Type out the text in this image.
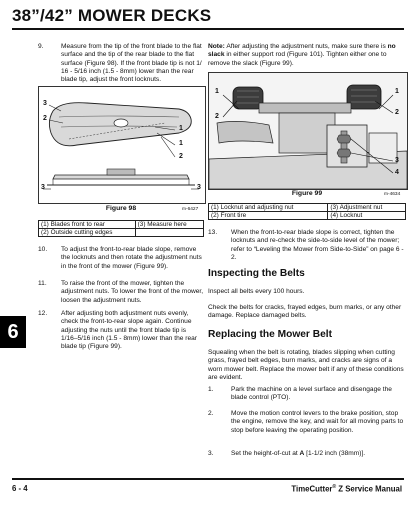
38”/42” MOWER DECKS
9.	Measure from the tip of the front blade to the flat surface and the tip of the rear blade to the flat surface (Figure 98). If the front blade tip is not 1/ 16 - 5/16 inch (1.5 - 8mm) lower than the rear blade tip, adjust the front locknuts.
3
2
1
1
2
3	3
Figure 98	m-6427
(1) Blades front to rear	(3) Measure here
(2) Outside cutting edges	
10.	To adjust the front-to-rear blade slope, remove the locknuts and then rotate the adjustment nuts in the front of the mower (Figure 99).
11.	To raise the front of the mower, tighten the adjustment nuts. To lower the front of the mower, loosen the adjustment nuts.
12.	After adjusting both adjustment nuts evenly, check the front-to-rear slope again. Continue adjusting the nuts until the front blade tip is 1/16–5/16 inch (1.5 - 8mm) lower than the rear blade tip (Figure 99).
6
Note: After adjusting the adjustment nuts, make sure there is no slack in either support rod (Figure 101). Tighten either one to remove the slack (Figure 99).
1	1
2
2
3
4
Figure 99	m-4634
(1) Locknut and adjusting nut	(3) Adjustment nut
(2) Front tire	(4) Locknut
13.	When the front-to-rear blade slope is correct, tighten the locknuts and re-check the side-to-side level of the mower; refer to “Leveling the Mower from Side-to-Side” on page 6 - 2.
Inspecting the Belts
Inspect all belts every 100 hours.
Check the belts for cracks, frayed edges, burn marks, or any other damage. Replace damaged belts.
Replacing the Mower Belt
Squealing when the belt is rotating, blades slipping when cutting grass, frayed belt edges, burn marks, and cracks are signs of a worn mower belt. Replace the mower belt if any of these conditions are evident.
1.	Park the machine on a level surface and disengage the blade control (PTO).
2.	Move the motion control levers to the brake position, stop the engine, remove the key, and wait for all moving parts to stop before leaving the operating position.
3.	Set the height-of-cut at A [1-1/2 inch (38mm)].
6 - 4	TimeCutter® Z Service Manual
